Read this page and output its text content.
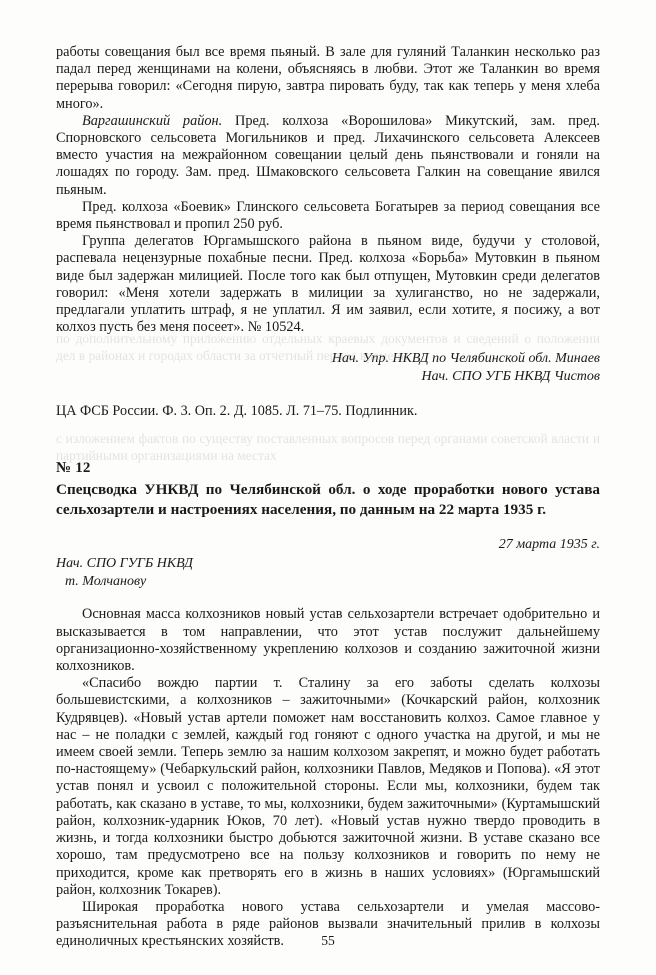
по дополнительному приложению отдельных краевых документов и сведений о положении дел в районах и городах области за отчетный период времени
с изложением фактов по существу поставленных вопросов перед органами советской власти и партийными организациями на местах

работы совещания был все время пьяный. В зале для гуляний Таланкин несколько раз падал перед женщинами на колени, объясняясь в любви. Этот же Таланкин во время перерыва говорил: «Сегодня пирую, завтра пировать буду, так как теперь у меня хлеба много».

Варгашинский район. Пред. колхоза «Ворошилова» Микутский, зам. пред. Спорновского сельсовета Могильников и пред. Лихачинского сельсовета Алексеев вместо участия на межрайонном совещании целый день пьянствовали и гоняли на лошадях по городу. Зам. пред. Шмаковского сельсовета Галкин на совещание явился пьяным.

Пред. колхоза «Боевик» Глинского сельсовета Богатырев за период совещания все время пьянствовал и пропил 250 руб.

Группа делегатов Юргамышского района в пьяном виде, будучи у столовой, распевала нецензурные похабные песни. Пред. колхоза «Борьба» Мутовкин в пьяном виде был задержан милицией. После того как был отпущен, Мутовкин среди делегатов говорил: «Меня хотели задержать в милиции за хулиганство, но не задержали, предлагали уплатить штраф, я не уплатил. Я им заявил, если хотите, я посижу, а вот колхоз пусть без меня посеет». № 10524.

Нач. Упр. НКВД по Челябинской обл. Минаев
Нач. СПО УГБ НКВД Чистов
ЦА ФСБ России. Ф. 3. Оп. 2. Д. 1085. Л. 71–75. Подлинник.
№ 12
Спецсводка УНКВД по Челябинской обл. о ходе проработки нового устава сельхозартели и настроениях населения, по данным на 22 марта 1935 г.
27 марта 1935 г.
Нач. СПО ГУГБ НКВД
т. Молчанову

Основная масса колхозников новый устав сельхозартели встречает одобрительно и высказывается в том направлении, что этот устав послужит дальнейшему организационно-хозяйственному укреплению колхозов и созданию зажиточной жизни колхозников.

«Спасибо вождю партии т. Сталину за его заботы сделать колхозы большевистскими, а колхозников – зажиточными» (Кочкарский район, колхозник Кудрявцев). «Новый устав артели поможет нам восстановить колхоз. Самое главное у нас – не поладки с землей, каждый год гоняют с одного участка на другой, и мы не имеем своей земли. Теперь землю за нашим колхозом закрепят, и можно будет работать по-настоящему» (Чебаркульский район, колхозники Павлов, Медяков и Попова). «Я этот устав понял и усвоил с положительной стороны. Если мы, колхозники, будем так работать, как сказано в уставе, то мы, колхозники, будем зажиточными» (Куртамышский район, колхозник-ударник Юков, 70 лет). «Новый устав нужно твердо проводить в жизнь, и тогда колхозники быстро добьются зажиточной жизни. В уставе сказано все хорошо, там предусмотрено все на пользу колхозников и говорить по нему не приходится, кроме как претворять его в жизнь в наших условиях» (Юргамышский район, колхозник Токарев).

Широкая проработка нового устава сельхозартели и умелая массово-разъяснительная работа в ряде районов вызвали значительный прилив в колхозы единоличных крестьянских хозяйств.	55
